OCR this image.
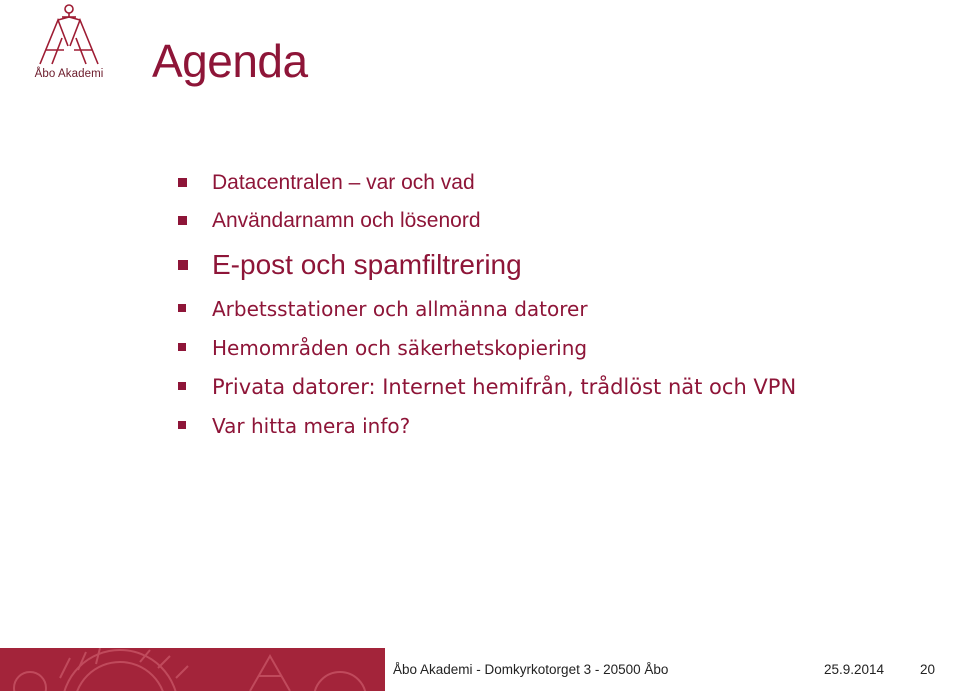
Åbo Akademi Agenda
Datacentralen – var och vad
Användarnamn och lösenord
E-post och spamfiltrering
Arbetsstationer och allmänna datorer
Hemområden och säkerhetskopiering
Privata datorer: Internet hemifrån, trådlöst nät och VPN
Var hitta mera info?
Åbo Akademi - Domkyrkotorget 3 - 20500 Åbo	25.9.2014	20
